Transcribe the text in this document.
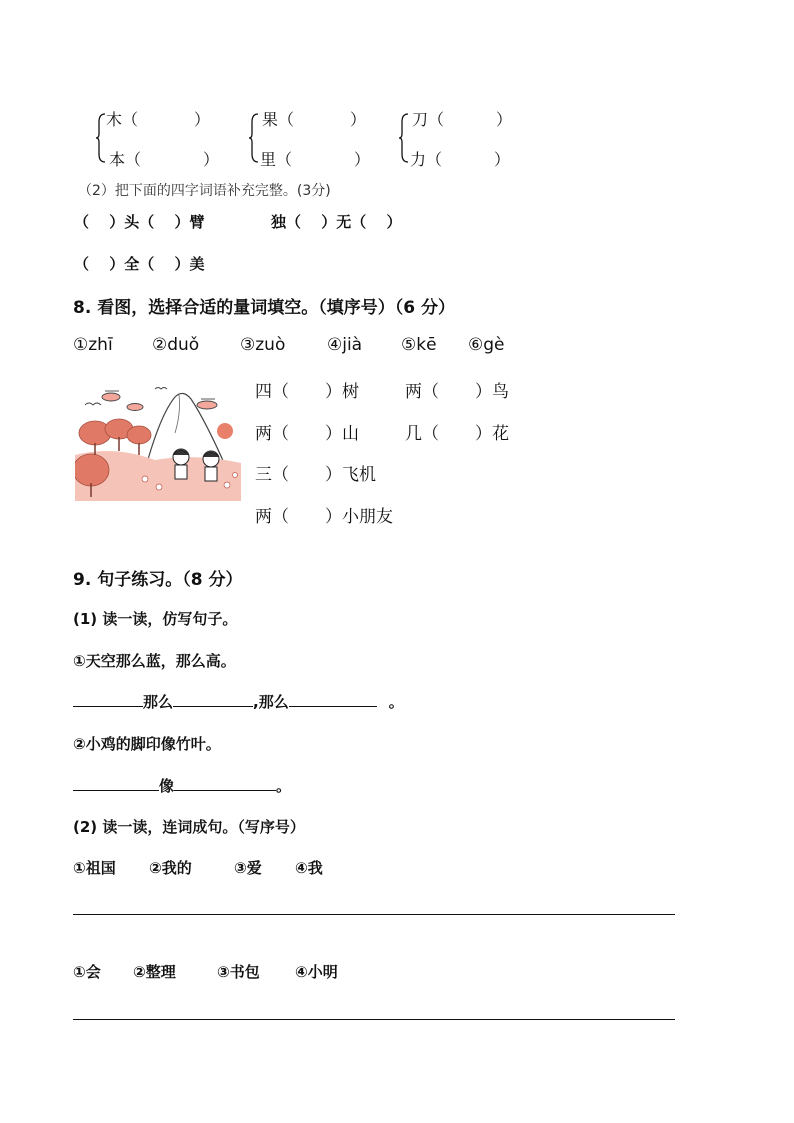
木（	）
本（	）
果（	）
里（	）
刀（	）
力（	）
（2）把下面的四字词语补充完整。(3分)
（　 ）头（　 ）臂	独（　 ）无（　 ）
（　 ）全（　 ）美
8. 看图，选择合适的量词填空。（填序号）（6 分）
①zhī ②duǒ ③zuò ④jià ⑤kē ⑥gè
四（ ）树	两（ ）鸟
两（ ）山	几（ ）花
三（ ）飞机
两（ ）小朋友
9. 句子练习。（8 分）
(1) 读一读，仿写句子。
①天空那么蓝，那么高。
那么	,那么	。
②小鸡的脚印像竹叶。
像	。
(2) 读一读，连词成句。（写序号）
①祖国 ②我的	③爱 ④我
①会 ②整理	③书包 ④小明
